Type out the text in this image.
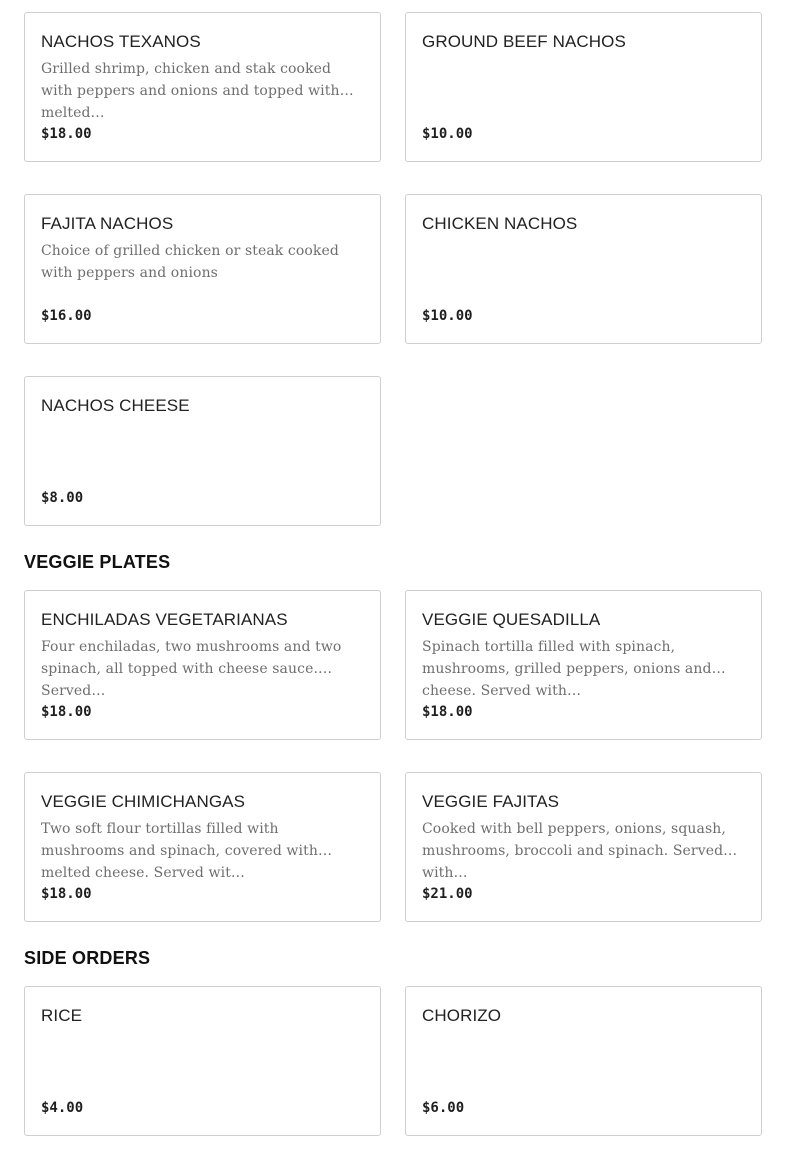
NACHOS TEXANOS
Grilled shrimp, chicken and stak cooked with peppers and onions and topped with melted…
$18.00
GROUND BEEF NACHOS
$10.00
FAJITA NACHOS
Choice of grilled chicken or steak cooked with peppers and onions
$16.00
CHICKEN NACHOS
$10.00
NACHOS CHEESE
$8.00
VEGGIE PLATES
ENCHILADAS VEGETARIANAS
Four enchiladas, two mushrooms and two spinach, all topped with cheese sauce. Served…
$18.00
VEGGIE QUESADILLA
Spinach tortilla filled with spinach, mushrooms, grilled peppers, onions and cheese. Served with…
$18.00
VEGGIE CHIMICHANGAS
Two soft flour tortillas filled with mushrooms and spinach, covered with melted cheese. Served wit…
$18.00
VEGGIE FAJITAS
Cooked with bell peppers, onions, squash, mushrooms, broccoli and spinach. Served with…
$21.00
SIDE ORDERS
RICE
$4.00
CHORIZO
$6.00
